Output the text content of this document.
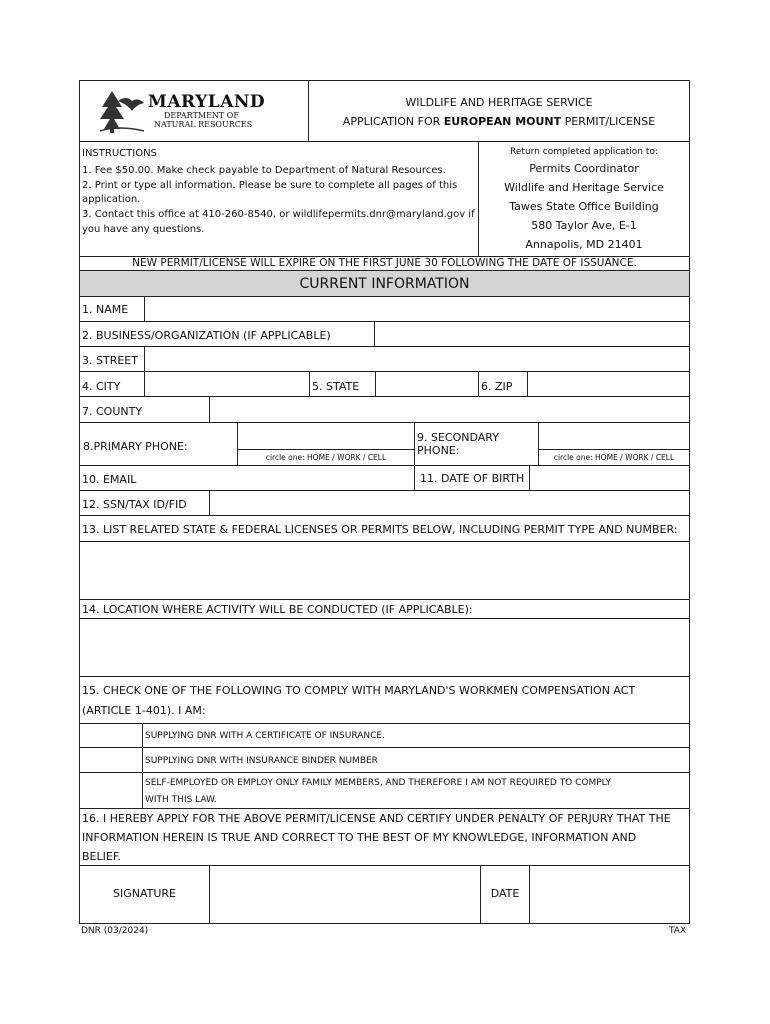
MARYLAND
DEPARTMENT OF
NATURAL RESOURCES
WILDLIFE AND HERITAGE SERVICE
APPLICATION FOR EUROPEAN MOUNT PERMIT/LICENSE
INSTRUCTIONS
1. Fee $50.00. Make check payable to Department of Natural Resources.
2. Print or type all information. Please be sure to complete all pages of this
application.
3. Contact this office at 410-260-8540, or wildlifepermits.dnr@maryland.gov if
you have any questions.
Return completed application to:
Permits Coordinator
Wildlife and Heritage Service
Tawes State Office Building
580 Taylor Ave, E-1
Annapolis, MD 21401
NEW PERMIT/LICENSE WILL EXPIRE ON THE FIRST JUNE 30 FOLLOWING THE DATE OF ISSUANCE.
CURRENT INFORMATION
1. NAME
2. BUSINESS/ORGANIZATION (IF APPLICABLE)
3. STREET
4. CITY	5. STATE	6. ZIP
7. COUNTY
8.PRIMARY PHONE:
circle one: HOME / WORK / CELL
9. SECONDARY
PHONE:
circle one: HOME / WORK / CELL
10. EMAIL	11. DATE OF BIRTH
12. SSN/TAX ID/FID
13. LIST RELATED STATE & FEDERAL LICENSES OR PERMITS BELOW, INCLUDING PERMIT TYPE AND NUMBER:
14. LOCATION WHERE ACTIVITY WILL BE CONDUCTED (IF APPLICABLE):
15. CHECK ONE OF THE FOLLOWING TO COMPLY WITH MARYLAND'S WORKMEN COMPENSATION ACT
(ARTICLE 1-401). I AM:
SUPPLYING DNR WITH A CERTIFICATE OF INSURANCE.
SUPPLYING DNR WITH INSURANCE BINDER NUMBER
SELF-EMPLOYED OR EMPLOY ONLY FAMILY MEMBERS, AND THEREFORE I AM NOT REQUIRED TO COMPLY
WITH THIS LAW.
16. I HEREBY APPLY FOR THE ABOVE PERMIT/LICENSE AND CERTIFY UNDER PENALTY OF PERJURY THAT THE
INFORMATION HEREIN IS TRUE AND CORRECT TO THE BEST OF MY KNOWLEDGE, INFORMATION AND
BELIEF.
SIGNATURE	DATE
DNR (03/2024)	TAX
